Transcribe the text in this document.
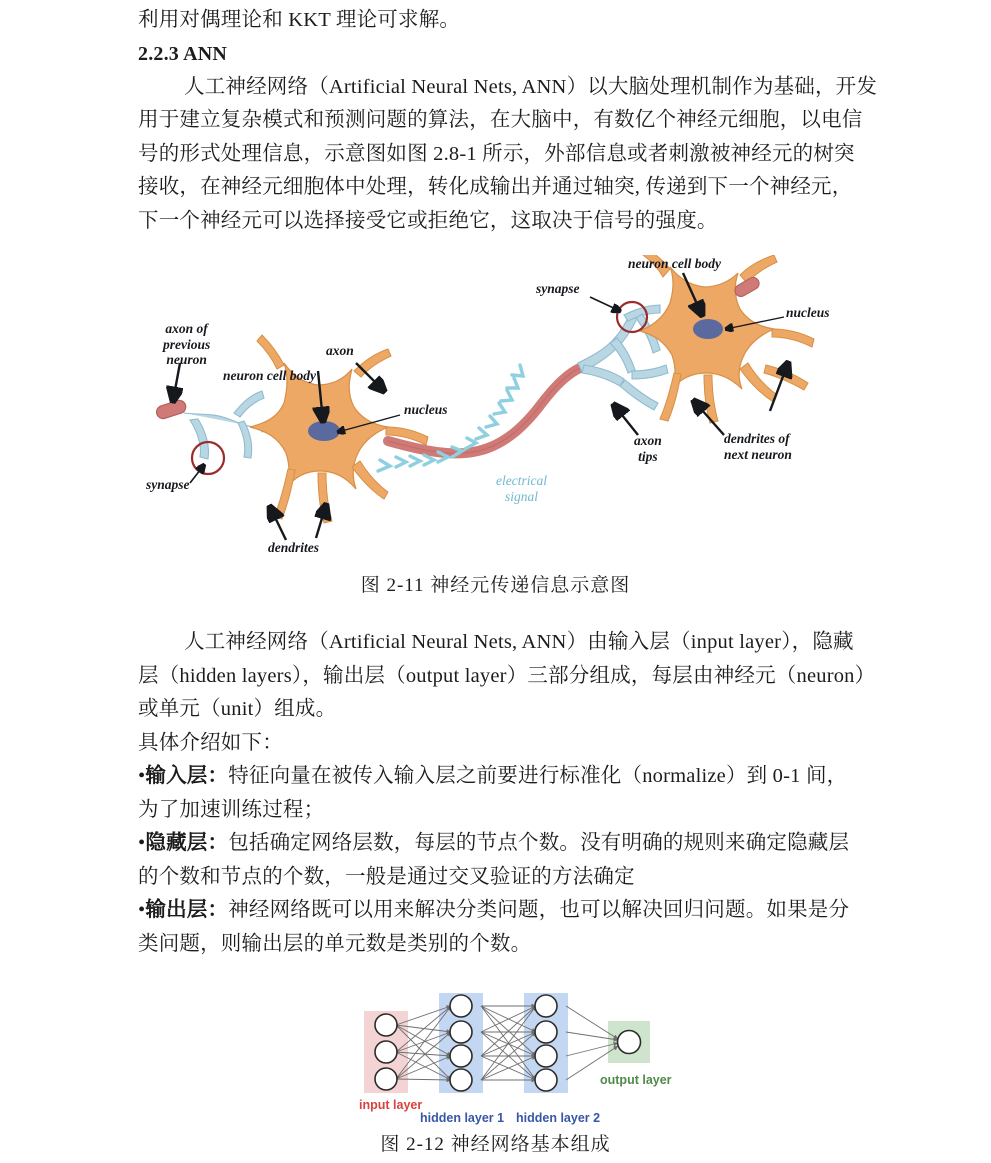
利用对偶理论和 KKT 理论可求解。
2.2.3 ANN
人工神经网络（Artificial Neural Nets, ANN）以大脑处理机制作为基础，开发
用于建立复杂模式和预测问题的算法，在大脑中，有数亿个神经元细胞，以电信
号的形式处理信息，示意图如图 2.8-1 所示，外部信息或者刺激被神经元的树突
接收，在神经元细胞体中处理，转化成输出并通过轴突, 传递到下一个神经元，
下一个神经元可以选择接受它或拒绝它，这取决于信号的强度。
axon of
previous
neuron
neuron cell body
nucleus
synapse
dendrites
axon
electrical
signal
synapse
neuron cell body
nucleus
axon
tips
dendrites of
next neuron
图 2-11 神经元传递信息示意图
人工神经网络（Artificial Neural Nets, ANN）由输入层（input layer），隐藏
层（hidden layers），输出层（output layer）三部分组成，每层由神经元（neuron）
或单元（unit）组成。
具体介绍如下：
•输入层：特征向量在被传入输入层之前要进行标准化（normalize）到 0-1 间，
为了加速训练过程；
•隐藏层：包括确定网络层数，每层的节点个数。没有明确的规则来确定隐藏层
的个数和节点的个数，一般是通过交叉验证的方法确定
•输出层：神经网络既可以用来解决分类问题，也可以解决回归问题。如果是分
类问题，则输出层的单元数是类别的个数。
input layer
hidden layer 1 hidden layer 2
output layer
图 2-12 神经网络基本组成
